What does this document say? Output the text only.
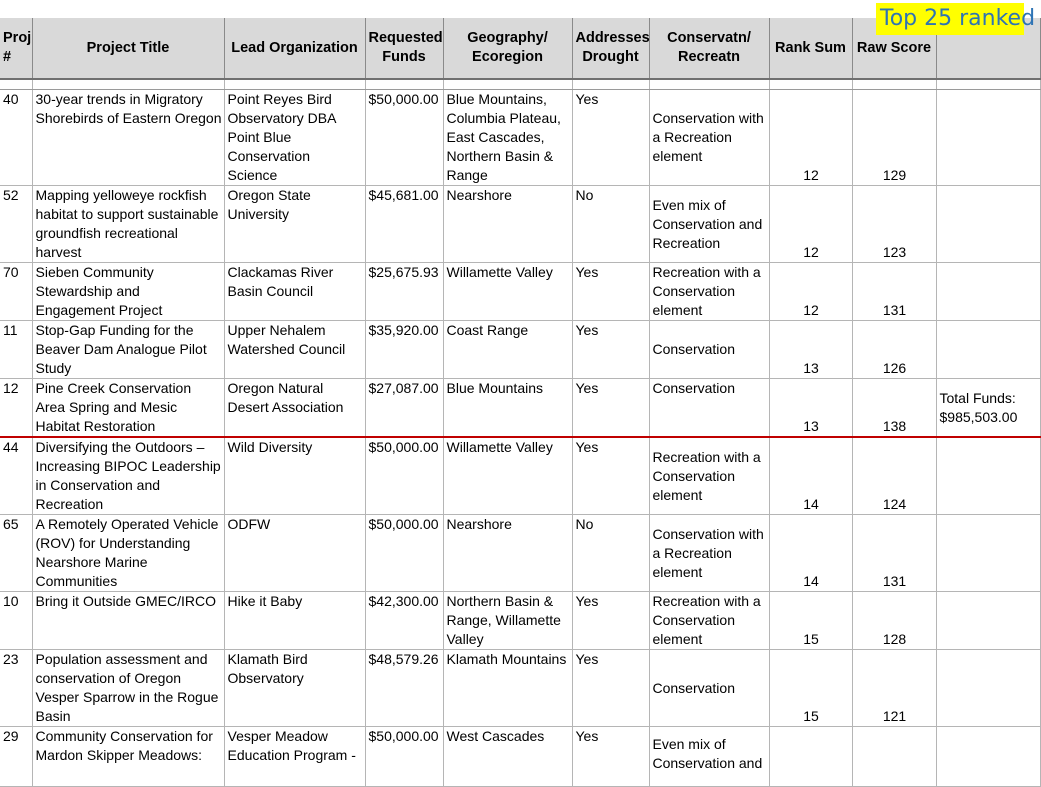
Proj #	Project Title	Lead Organization	Requested Funds	Geography/ Ecoregion	Addresses Drought	Conservatn/ Recreatn	Rank Sum	Raw Score	

40	30-year trends in Migratory Shorebirds of Eastern Oregon	Point Reyes Bird Observatory DBA Point Blue Conservation Science	$50,000.00	Blue Mountains, Columbia Plateau, East Cascades, Northern Basin & Range	Yes	Conservation with a Recreation element	12	129	
52	Mapping yelloweye rockfish habitat to support sustainable groundfish recreational harvest	Oregon State University	$45,681.00	Nearshore	No	Even mix of Conservation and Recreation	12	123	
70	Sieben Community Stewardship and Engagement Project	Clackamas River Basin Council	$25,675.93	Willamette Valley	Yes	Recreation with a Conservation element	12	131	
11	Stop-Gap Funding for the Beaver Dam Analogue Pilot Study	Upper Nehalem Watershed Council	$35,920.00	Coast Range	Yes	Conservation	13	126	
12	Pine Creek Conservation Area Spring and Mesic Habitat Restoration	Oregon Natural Desert Association	$27,087.00	Blue Mountains	Yes	Conservation	13	138	Total Funds: $985,503.00
44	Diversifying the Outdoors – Increasing BIPOC Leadership in Conservation and Recreation	Wild Diversity	$50,000.00	Willamette Valley	Yes	Recreation with a Conservation element	14	124	
65	A Remotely Operated Vehicle (ROV) for Understanding Nearshore Marine Communities	ODFW	$50,000.00	Nearshore	No	Conservation with a Recreation element	14	131	
10	Bring it Outside GMEC/IRCO	Hike it Baby	$42,300.00	Northern Basin & Range, Willamette Valley	Yes	Recreation with a Conservation element	15	128	
23	Population assessment and conservation of Oregon Vesper Sparrow in the Rogue Basin	Klamath Bird Observatory	$48,579.26	Klamath Mountains	Yes	Conservation	15	121	
29	Community Conservation for Mardon Skipper Meadows:	Vesper Meadow Education Program -	$50,000.00	West Cascades	Yes	Even mix of Conservation and			
Top 25 ranked
